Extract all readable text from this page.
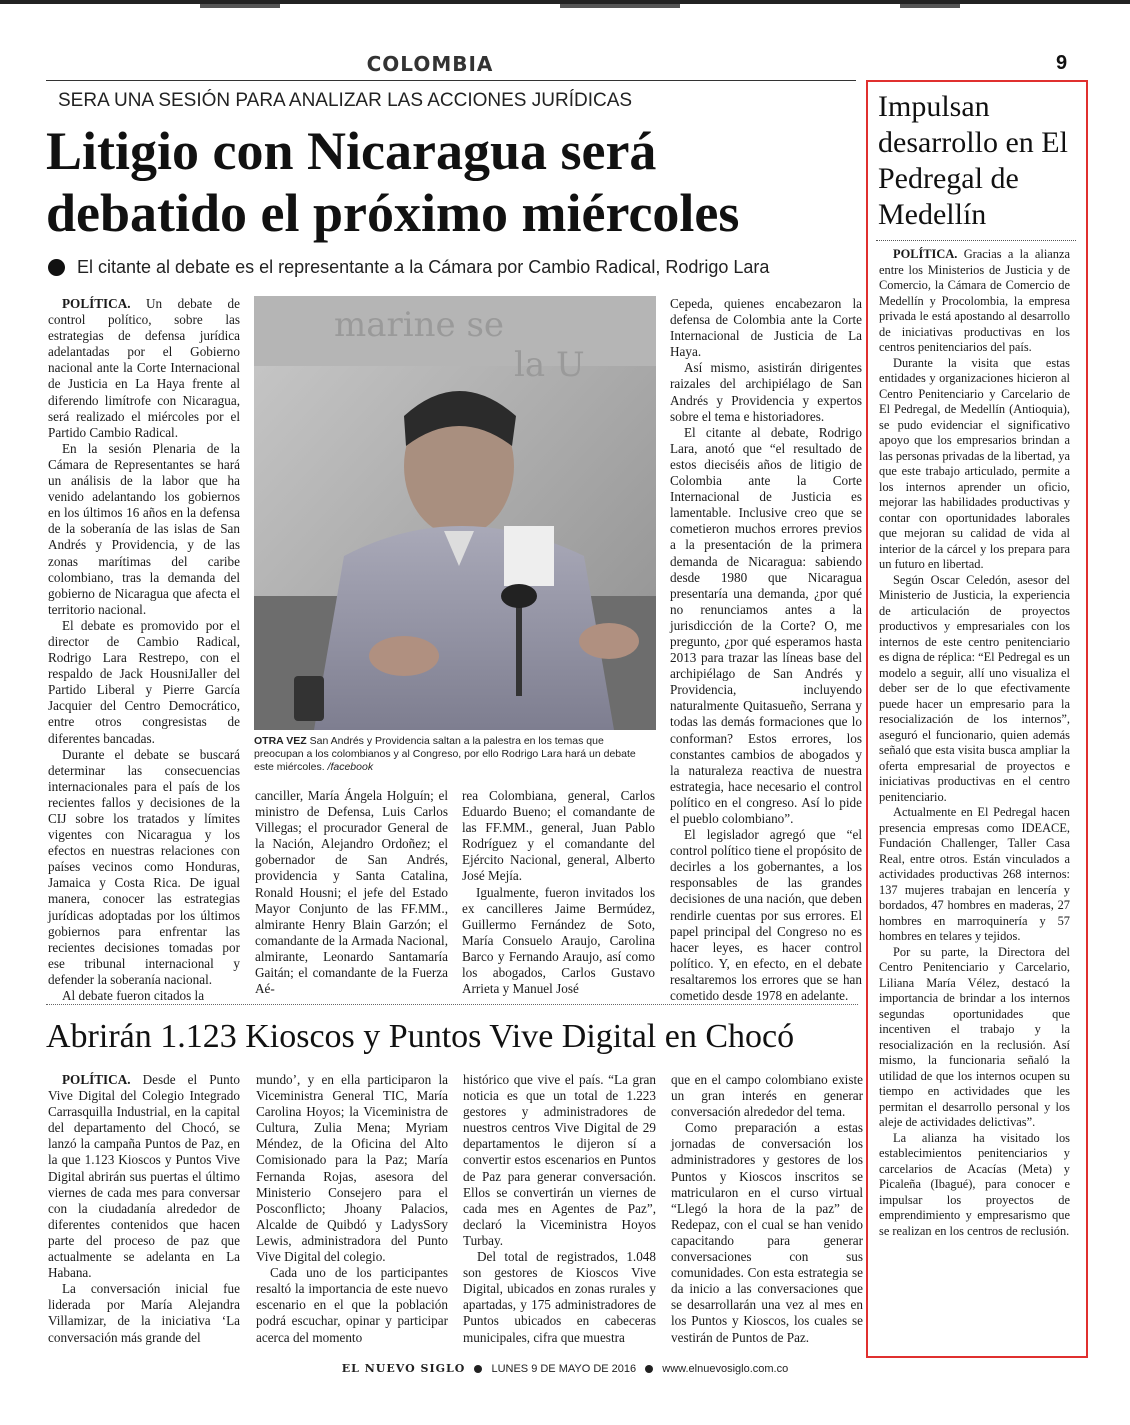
COLOMBIA	9
SERA UNA SESIÓN PARA ANALIZAR LAS ACCIONES JURÍDICAS
Litigio con Nicaragua será debatido el próximo miércoles
El citante al debate es el representante a la Cámara por Cambio Radical, Rodrigo Lara

POLÍTICA. Un debate de control político, sobre las estrategias de defensa jurídica adelantadas por el Gobierno nacional ante la Corte Internacional de Justicia en La Haya frente al diferendo limítrofe con Nicaragua, será realizado el miércoles por el Partido Cambio Radical.

En la sesión Plenaria de la Cámara de Representantes se hará un análisis de la labor que ha venido adelantando los gobiernos en los últimos 16 años en la defensa de la soberanía de las islas de San Andrés y Providencia, y de las zonas marítimas del caribe colombiano, tras la demanda del gobierno de Nicaragua que afecta el territorio nacional.

El debate es promovido por el director de Cambio Radical, Rodrigo Lara Restrepo, con el respaldo de Jack HousniJaller del Partido Liberal y Pierre García Jacquier del Centro Democrático, entre otros congresistas de diferentes bancadas.

Durante el debate se buscará determinar las consecuencias internacionales para el país de los recientes fallos y decisiones de la CIJ sobre los tratados y límites vigentes con Nicaragua y los efectos en nuestras relaciones con países vecinos como Honduras, Jamaica y Costa Rica. De igual manera, conocer las estrategias jurídicas adoptadas por los últimos gobiernos para enfrentar las recientes decisiones tomadas por ese tribunal internacional y defender la soberanía nacional.

Al debate fueron citados la

canciller, María Ángela Holguín; el ministro de Defensa, Luis Carlos Villegas; el procurador General de la Nación, Alejandro Ordoñez; el gobernador de San Andrés, providencia y Santa Catalina, Ronald Housni; el jefe del Estado Mayor Conjunto de las FF.MM., almirante Henry Blain Garzón; el comandante de la Armada Nacional, almirante, Leonardo Santamaría Gaitán; el comandante de la Fuerza Aé-

rea Colombiana, general, Carlos Eduardo Bueno; el comandante de las FF.MM., general, Juan Pablo Rodríguez y el comandante del Ejército Nacional, general, Alberto José Mejía.

Igualmente, fueron invitados los ex cancilleres Jaime Bermúdez, Guillermo Fernández de Soto, María Consuelo Araujo, Carolina Barco y Fernando Araujo, así como los abogados, Carlos Gustavo Arrieta y Manuel José

Cepeda, quienes encabezaron la defensa de Colombia ante la Corte Internacional de Justicia de La Haya.

Así mismo, asistirán dirigentes raizales del archipiélago de San Andrés y Providencia y expertos sobre el tema e historiadores.

El citante al debate, Rodrigo Lara, anotó que “el resultado de estos dieciséis años de litigio de Colombia ante la Corte Internacional de Justicia es lamentable. Inclusive creo que se cometieron muchos errores previos a la presentación de la primera demanda de Nicaragua: sabiendo desde 1980 que Nicaragua presentaría una demanda, ¿por qué no renunciamos antes a la jurisdicción de la Corte? O, me pregunto, ¿por qué esperamos hasta 2013 para trazar las líneas base del archipiélago de San Andrés y Providencia, incluyendo naturalmente Quitasueño, Serrana y todas las demás formaciones que lo conforman? Estos errores, los constantes cambios de abogados y la naturaleza reactiva de nuestra estrategia, hace necesario el control político en el congreso. Así lo pide el pueblo colombiano”.

El legislador agregó que “el control político tiene el propósito de decirles a los gobernantes, a los responsables de las grandes decisiones de una nación, que deben rendirle cuentas por sus errores. El papel principal del Congreso no es hacer leyes, es hacer control político. Y, en efecto, en el debate resaltaremos los errores que se han cometido desde 1978 en adelante.

marine se
la U
OTRA VEZ San Andrés y Providencia saltan a la palestra en los temas que preocupan a los colombianos y al Congreso, por ello Rodrigo Lara hará un debate este miércoles. /facebook
Abrirán 1.123 Kioscos y Puntos Vive Digital en Chocó

POLÍTICA. Desde el Punto Vive Digital del Colegio Integrado Carrasquilla Industrial, en la capital del departamento del Chocó, se lanzó la campaña Puntos de Paz, en la que 1.123 Kioscos y Puntos Vive Digital abrirán sus puertas el último viernes de cada mes para conversar con la ciudadanía alrededor de diferentes contenidos que hacen parte del proceso de paz que actualmente se adelanta en La Habana.

La conversación inicial fue liderada por María Alejandra Villamizar, de la iniciativa ‘La conversación más grande del

mundo’, y en ella participaron la Viceministra General TIC, María Carolina Hoyos; la Viceministra de Cultura, Zulia Mena; Myriam Méndez, de la Oficina del Alto Comisionado para la Paz; María Fernanda Rojas, asesora del Ministerio Consejero para el Posconflicto; Jhoany Palacios, Alcalde de Quibdó y LadysSory Lewis, administradora del Punto Vive Digital del colegio.

Cada uno de los participantes resaltó la importancia de este nuevo escenario en el que la población podrá escuchar, opinar y participar acerca del momento

histórico que vive el país. “La gran noticia es que un total de 1.223 gestores y administradores de nuestros centros Vive Digital de 29 departamentos le dijeron sí a convertir estos escenarios en Puntos de Paz para generar conversación. Ellos se convertirán un viernes de cada mes en Agentes de Paz”, declaró la Viceministra Hoyos Turbay.

Del total de registrados, 1.048 son gestores de Kioscos Vive Digital, ubicados en zonas rurales y apartadas, y 175 administradores de Puntos ubicados en cabeceras municipales, cifra que muestra

que en el campo colombiano existe un gran interés en generar conversación alrededor del tema.

Como preparación a estas jornadas de conversación los administradores y gestores de los Puntos y Kioscos inscritos se matricularon en el curso virtual “Llegó la hora de la paz” de Redepaz, con el cual se han venido capacitando para generar conversaciones con sus comunidades. Con esta estrategia se da inicio a las conversaciones que se desarrollarán una vez al mes en los Puntos y Kioscos, los cuales se vestirán de Puntos de Paz.

Impulsan desarrollo en El Pedregal de Medellín

POLÍTICA. Gracias a la alianza entre los Ministerios de Justicia y de Comercio, la Cámara de Comercio de Medellín y Procolombia, la empresa privada le está apostando al desarrollo de iniciativas productivas en los centros penitenciarios del país.

Durante la visita que estas entidades y organizaciones hicieron al Centro Penitenciario y Carcelario de El Pedregal, de Medellín (Antioquia), se pudo evidenciar el significativo apoyo que los empresarios brindan a las personas privadas de la libertad, ya que este trabajo articulado, permite a los internos aprender un oficio, mejorar las habilidades productivas y contar con oportunidades laborales que mejoran su calidad de vida al interior de la cárcel y los prepara para un futuro en libertad.

Según Oscar Celedón, asesor del Ministerio de Justicia, la experiencia de articulación de proyectos productivos y empresariales con los internos de este centro penitenciario es digna de réplica: “El Pedregal es un modelo a seguir, allí uno visualiza el deber ser de lo que efectivamente puede hacer un empresario para la resocialización de los internos”, aseguró el funcionario, quien además señaló que esta visita busca ampliar la oferta empresarial de proyectos e iniciativas productivas en el centro penitenciario.

Actualmente en El Pedregal hacen presencia empresas como IDEACE, Fundación Challenger, Taller Casa Real, entre otros. Están vinculados a actividades productivas 268 internos: 137 mujeres trabajan en lencería y bordados, 47 hombres en maderas, 27 hombres en marroquinería y 57 hombres en telares y tejidos.

Por su parte, la Directora del Centro Penitenciario y Carcelario, Liliana María Vélez, destacó la importancia de brindar a los internos segundas oportunidades que incentiven el trabajo y la resocialización en la reclusión. Así mismo, la funcionaria señaló la utilidad de que los internos ocupen su tiempo en actividades que les permitan el desarrollo personal y los aleje de actividades delictivas”.

La alianza ha visitado los establecimientos penitenciarios y carcelarios de Acacías (Meta) y Picaleña (Ibagué), para conocer e impulsar los proyectos de emprendimiento y empresarismo que se realizan en los centros de reclusión.

EL NUEVO SIGLO LUNES 9 DE MAYO DE 2016 www.elnuevosiglo.com.co
